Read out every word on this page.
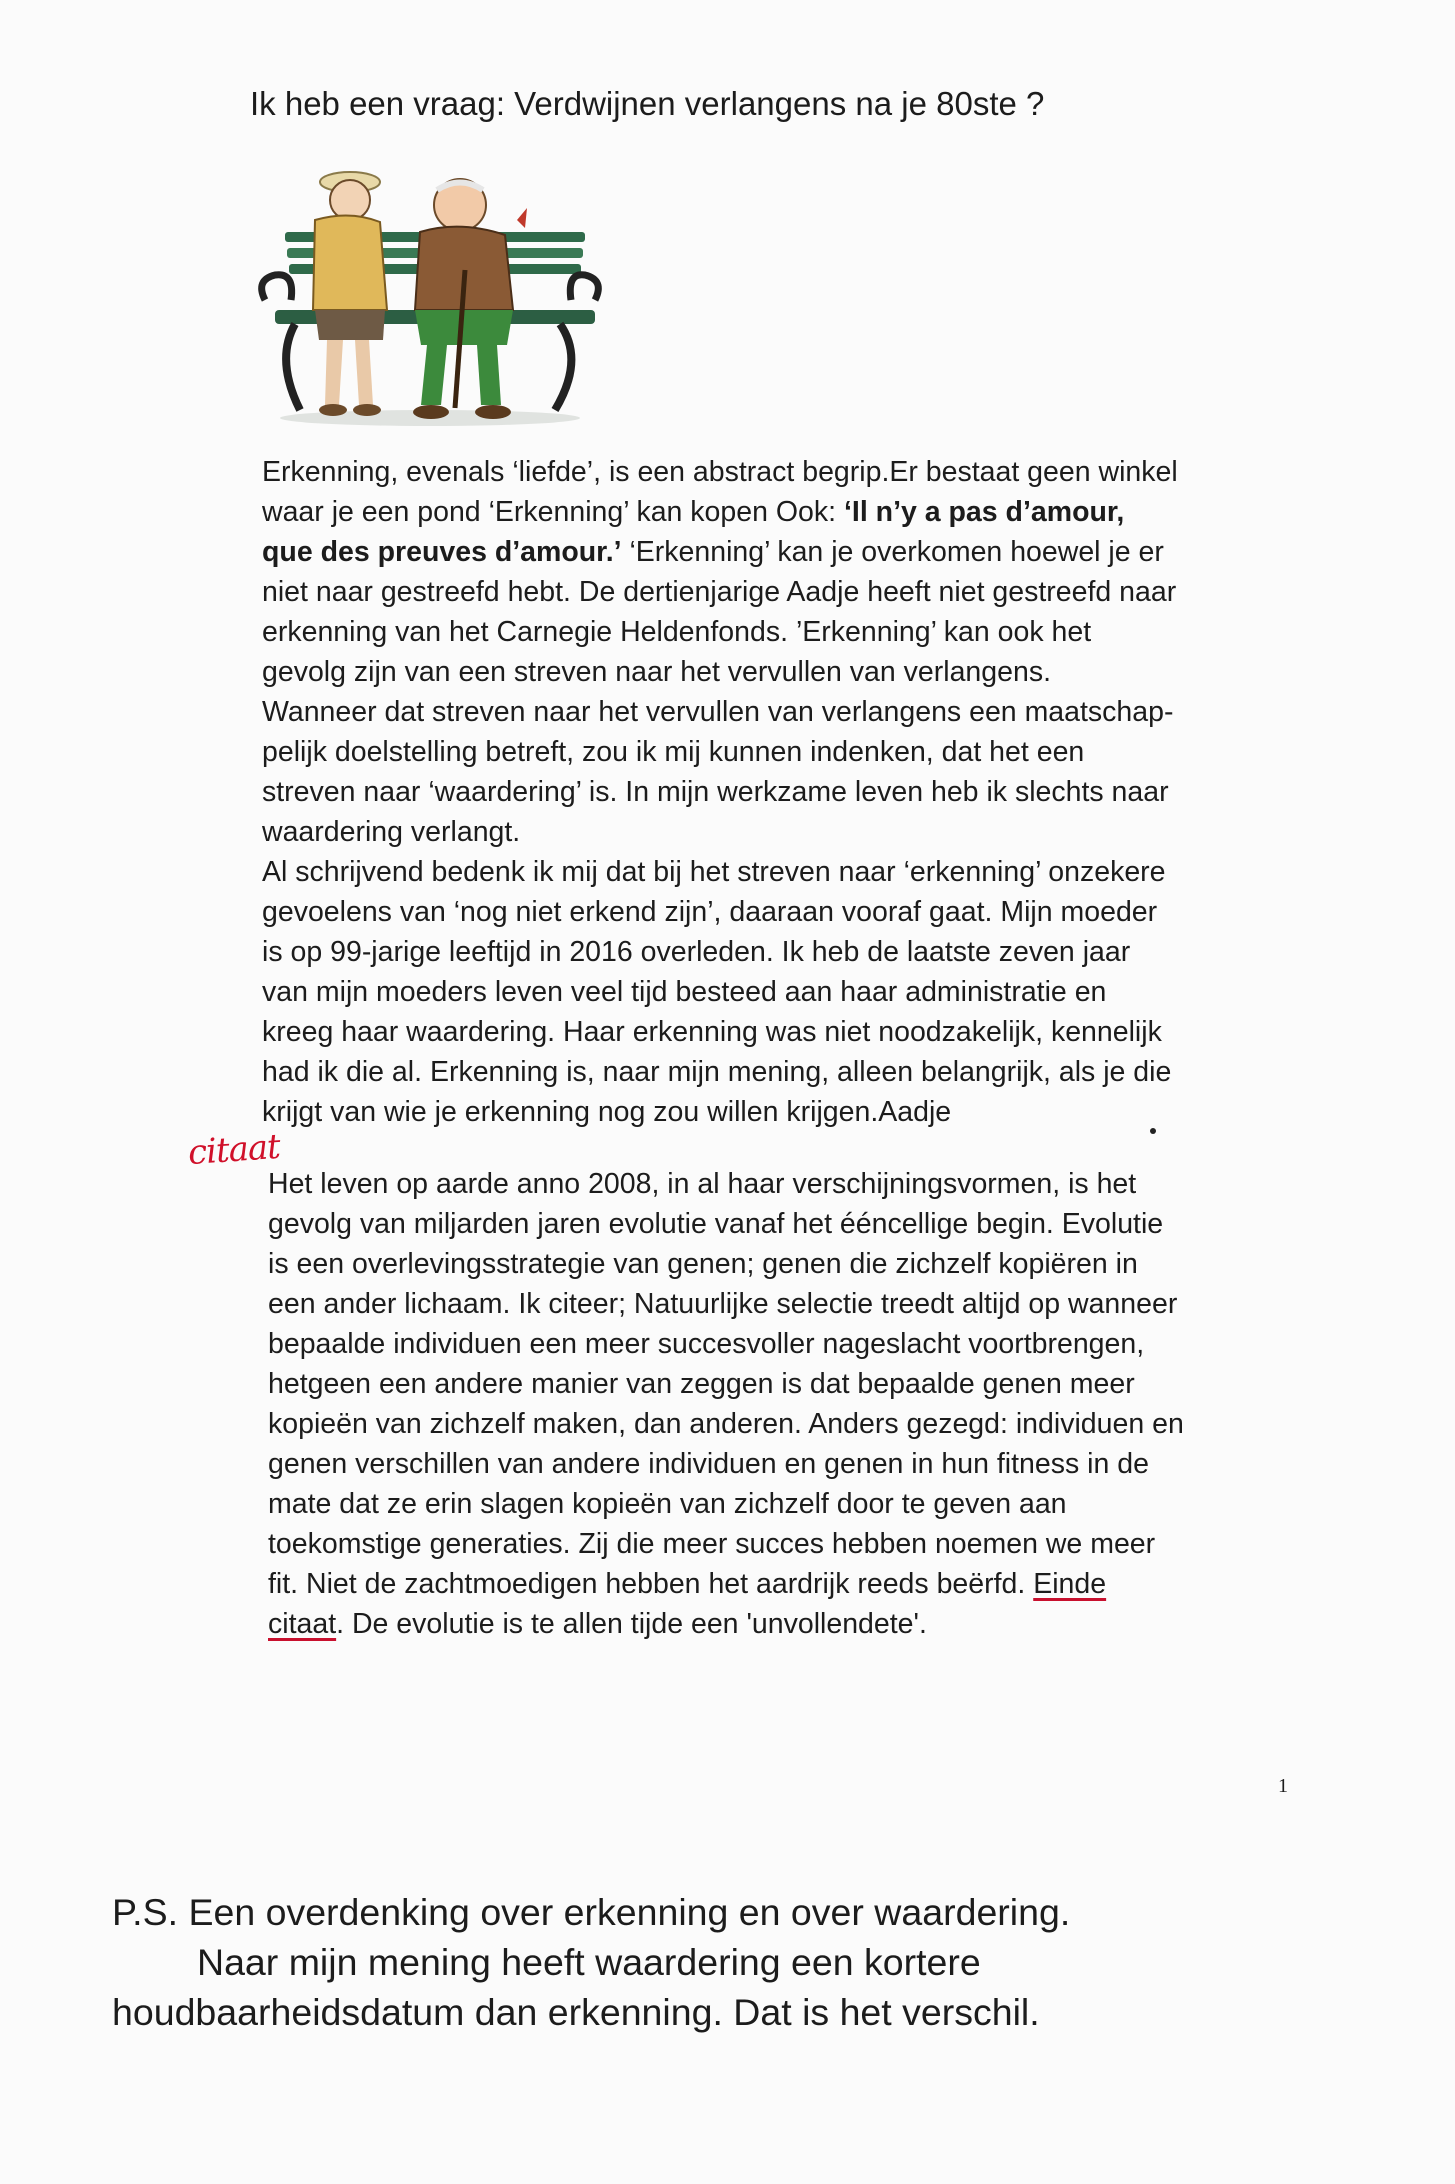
Ik heb een vraag: Verdwijnen verlangens na je 80ste ?
Erkenning, evenals ‘liefde’, is een abstract begrip.Er bestaat geen winkel
waar je een pond ‘Erkenning’ kan kopen Ook: ‘Il n’y a pas d’amour,
que des preuves d’amour.’ ‘Erkenning’ kan je overkomen hoewel je er
niet naar gestreefd hebt. De dertienjarige Aadje heeft niet gestreefd naar
erkenning van het Carnegie Heldenfonds. ’Erkenning’ kan ook het
gevolg zijn van een streven naar het vervullen van verlangens.
Wanneer dat streven naar het vervullen van verlangens een maatschap-
pelijk doelstelling betreft, zou ik mij kunnen indenken, dat het een
streven naar ‘waardering’ is. In mijn werkzame leven heb ik slechts naar
waardering verlangt.
Al schrijvend bedenk ik mij dat bij het streven naar ‘erkenning’ onzekere
gevoelens van ‘nog niet erkend zijn’, daaraan vooraf gaat. Mijn moeder
is op 99-jarige leeftijd in 2016 overleden. Ik heb de laatste zeven jaar
van mijn moeders leven veel tijd besteed aan haar administratie en
kreeg haar waardering. Haar erkenning was niet noodzakelijk, kennelijk
had ik die al. Erkenning is, naar mijn mening, alleen belangrijk, als je die
krijgt van wie je erkenning nog zou willen krijgen.Aadje
citaat
Het leven op aarde anno 2008, in al haar verschijningsvormen, is het
gevolg van miljarden jaren evolutie vanaf het ééncellige begin. Evolutie
is een overlevingsstrategie van genen; genen die zichzelf kopiëren in
een ander lichaam. Ik citeer; Natuurlijke selectie treedt altijd op wanneer
bepaalde individuen een meer succesvoller nageslacht voortbrengen,
hetgeen een andere manier van zeggen is dat bepaalde genen meer
kopieën van zichzelf maken, dan anderen. Anders gezegd: individuen en
genen verschillen van andere individuen en genen in hun fitness in de
mate dat ze erin slagen kopieën van zichzelf door te geven aan
toekomstige generaties. Zij die meer succes hebben noemen we meer
fit. Niet de zachtmoedigen hebben het aardrijk reeds beërfd. Einde
citaat. De evolutie is te allen tijde een 'unvollendete'.
1
P.S. Een overdenking over erkenning en over waardering.
Naar mijn mening heeft waardering een kortere
houdbaarheidsdatum dan erkenning. Dat is het verschil.
